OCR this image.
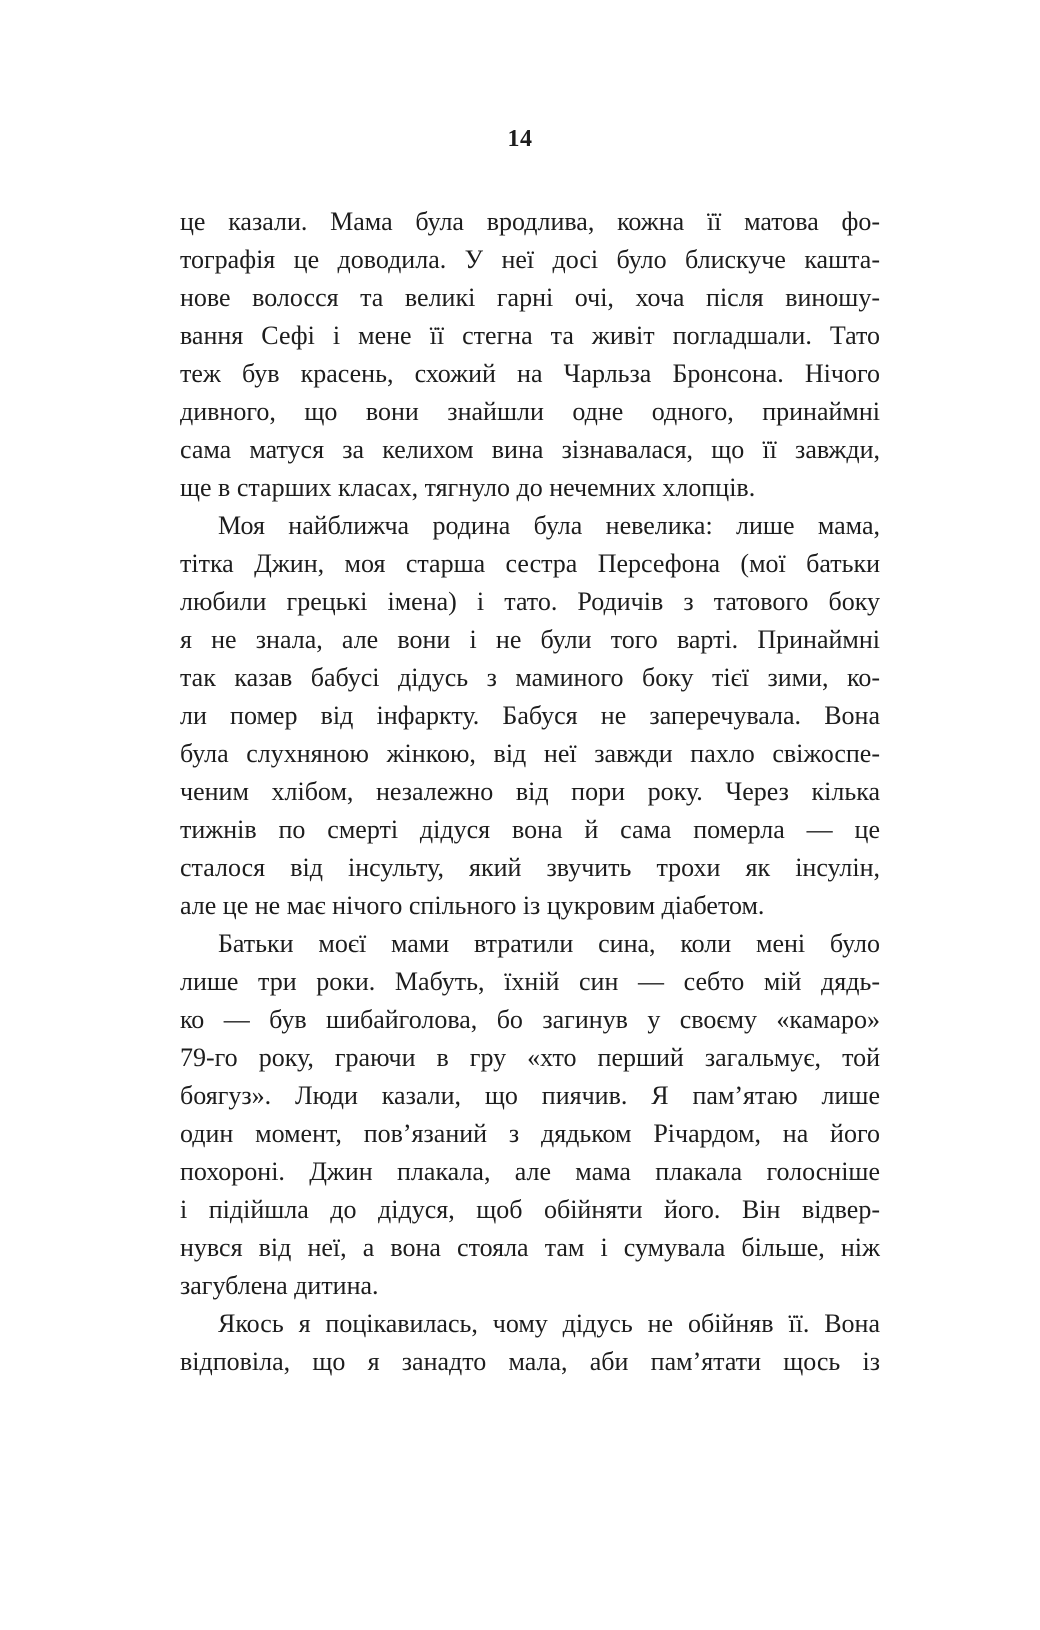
14
це казали. Мама була вродлива, кожна її матова фо-
тографія це доводила. У неї досі було блискуче кашта-
нове волосся та великі гарні очі, хоча після виношу-
вання Сефі і мене її стегна та живіт погладшали. Тато
теж був красень, схожий на Чарльза Бронсона. Нічого
дивного, що вони знайшли одне одного, принаймні
сама матуся за келихом вина зізнавалася, що її завжди,
ще в старших класах, тягнуло до нечемних хлопців.
Моя найближча родина була невелика: лише мама,
тітка Джин, моя старша сестра Персефона (мої батьки
любили грецькі імена) і тато. Родичів з татового боку
я не знала, але вони і не були того варті. Принаймні
так казав бабусі дідусь з маминого боку тієї зими, ко-
ли помер від інфаркту. Бабуся не заперечувала. Вона
була слухняною жінкою, від неї завжди пахло свіжоспе-
ченим хлібом, незалежно від пори року. Через кілька
тижнів по смерті дідуся вона й сама померла — це
сталося від інсульту, який звучить трохи як інсулін,
але це не має нічого спільного із цукровим діабетом.
Батьки моєї мами втратили сина, коли мені було
лише три роки. Мабуть, їхній син — себто мій дядь-
ко — був шибайголова, бо загинув у своєму «камаро»
79-го року, граючи в гру «хто перший загальмує, той
боягуз». Люди казали, що пиячив. Я пам’ятаю лише
один момент, пов’язаний з дядьком Річардом, на його
похороні. Джин плакала, але мама плакала голосніше
і підійшла до дідуся, щоб обійняти його. Він відвер-
нувся від неї, а вона стояла там і сумувала більше, ніж
загублена дитина.
Якось я поцікавилась, чому дідусь не обійняв її. Вона
відповіла, що я занадто мала, аби пам’ятати щось із
